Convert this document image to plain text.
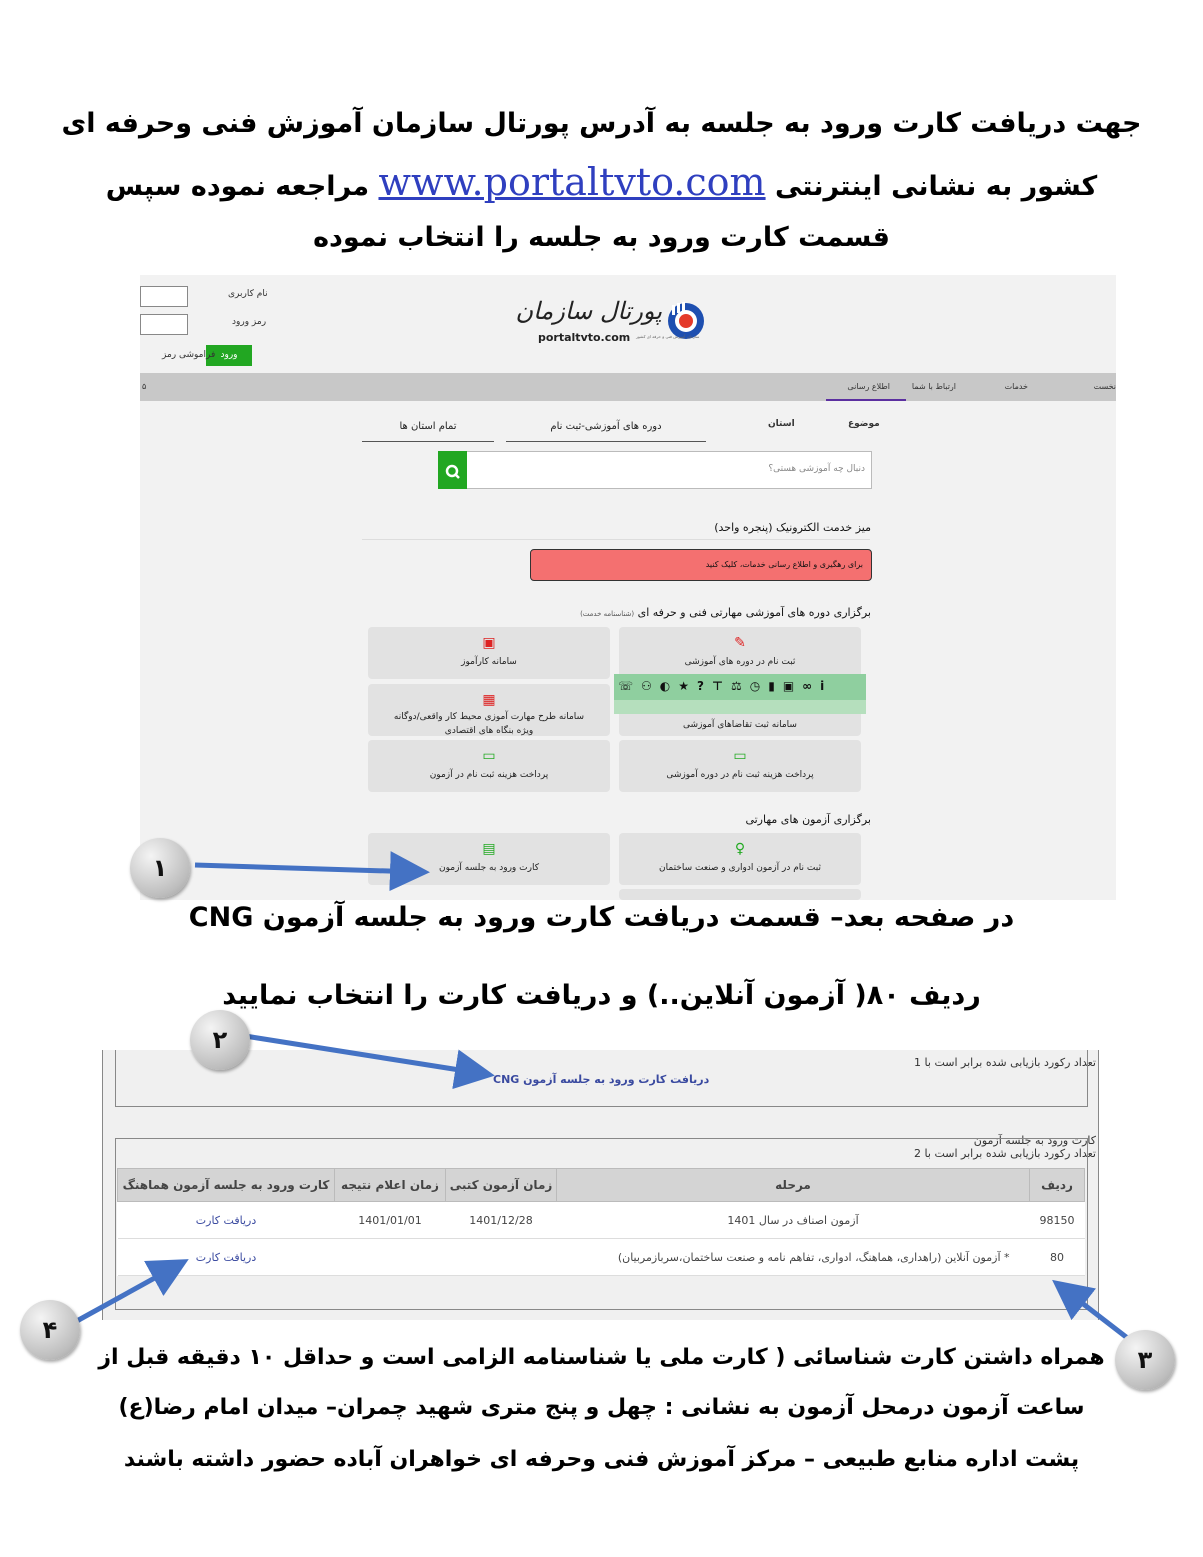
جهت دریافت کارت ورود به جلسه به آدرس پورتال سازمان آموزش فنی وحرفه ای
کشور به نشانی اینترنتی www.portaltvto.com مراجعه نموده سپس
قسمت کارت ورود به جلسه را انتخاب نموده
نام کاربری
رمز ورود
ورود
فراموشی رمز
پورتال سازمان
portaltvto.com سازمان آموزش فنی و حرفه ای کشور
۵	نخست
خدمات
ارتباط با شما
اطلاع رسانی
موضوع
استان
دوره های آموزشی-ثبت نام
تمام استان ها
دنبال چه آموزشی هستی؟
میز خدمت الکترونیک (پنجره واحد)
برای رهگیری و اطلاع رسانی خدمات، کلیک کنید
برگزاری دوره های آموزشی مهارتی فنی و حرفه ای (شناسنامه خدمت)
✎
ثبت نام در دوره های آموزشی
▣
سامانه کارآموز
سامانه ثبت تقاضاهای آموزشی
▦
سامانه طرح مهارت آموزی محیط کار واقعی/دوگانه
ویژه بنگاه های اقتصادی
▭
پرداخت هزینه ثبت نام در دوره آموزشی
▭
پرداخت هزینه ثبت نام در آزمون
☏⚇◐★?⊤⚖◷▮▣∞i
برگزاری آزمون های مهارتی
♀
ثبت نام در آزمون ادواری و صنعت ساختمان
▤
کارت ورود به جلسه آزمون
در صفحه بعد– قسمت دریافت کارت ورود به جلسه آزمون CNG
ردیف ۸۰( آزمون آنلاین..) و دریافت کارت را انتخاب نمایید
تعداد رکورد بازیابی شده برابر است با 1
دریافت کارت ورود به جلسه آزمون CNG
کارت ورود به جلسه آزمون
تعداد رکورد بازیابی شده برابر است با 2
ردیف	مرحله	زمان آزمون کتبی	زمان اعلام نتیجه	کارت ورود به جلسه آزمون هماهنگ
98150	آزمون اصناف در سال 1401	1401/12/28	1401/01/01	دریافت کارت
80	* آزمون آنلاین (راهداری، هماهنگ، ادواری، تفاهم نامه و صنعت ساختمان،سربازمربیان)			دریافت کارت
همراه داشتن کارت شناسائی ( کارت ملی یا شناسنامه الزامی است و حداقل ۱۰ دقیقه قبل از
ساعت آزمون درمحل آزمون به نشانی : چهل و پنج متری شهید چمران– میدان امام رضا(ع)
پشت اداره منابع طبیعی – مرکز آموزش فنی وحرفه ای خواهران آباده حضور داشته باشند
۱
۲
۳
۴
